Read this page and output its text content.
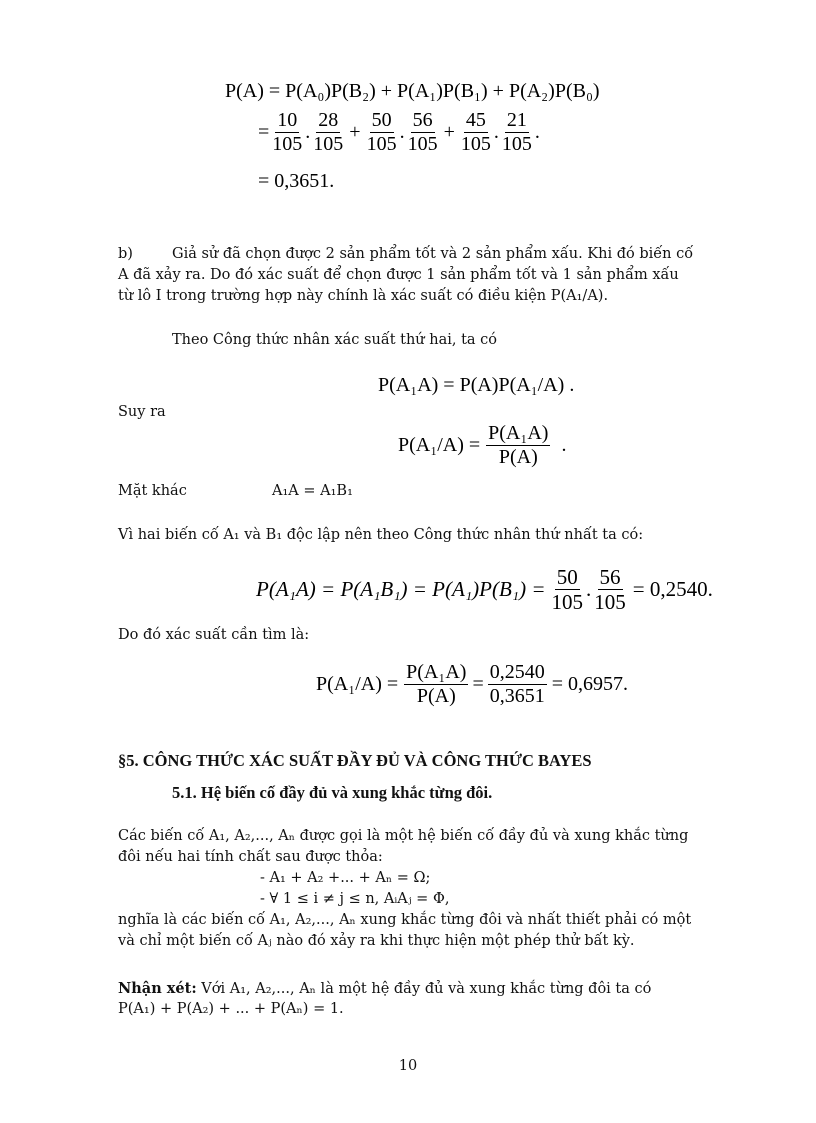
P(A) = P(A₀)P(B₂) + P(A₁)P(B₁) + P(A₂)P(B₀)
= $\frac{10}{105}$ . $\frac{28}{105} + \frac{50}{105}$ . $\frac{56}{105} + \frac{45}{105}$ . $\frac{21}{105}$ .
= 0,3651.
b)	Giả sử đã chọn được 2 sản phẩm tốt và 2 sản phẩm xấu. Khi đó biến cố
A đã xảy ra. Do đó xác suất để chọn được 1 sản phẩm tốt và 1 sản phẩm xấu
từ lô I trong trường hợp này chính là xác suất có điều kiện P(A₁/A).
Theo Công thức nhân xác suất thứ hai, ta có
P(A₁A) = P(A)P(A₁/A) .
Suy ra
$P(A_1/A) = \frac{\text{P(A₁A)}}{P(A)}$ .
Mặt khác	A₁A = A₁B₁
Vì hai biến cố A₁ và B₁ độc lập nên theo Công thức nhân thứ nhất ta có:
$P(A_1A) = P(A_1B_1) = P(A_1)P(B_1) = \frac{50}{105}$ . $\frac{56}{105} = 0,2540$.
Do đó xác suất cần tìm là:
$P(A_1/A) = \frac{\text{P(A₁A)}}{P(A)} = \frac{0,2540}{0,3651} = 0,6957$.
§5. CÔNG THỨC XÁC SUẤT ĐẦY ĐỦ VÀ CÔNG THỨC BAYES
5.1. Hệ biến cố đầy đủ và xung khắc từng đôi.
Các biến cố A₁, A₂,..., Aₙ được gọi là một hệ biến cố đầy đủ và xung khắc từng
đôi nếu hai tính chất sau được thỏa:
- A₁ + A₂ +... + Aₙ = Ω;
- ∀ 1 ≤ i ≠ j ≤ n, AᵢAⱼ = Φ,
nghĩa là các biến cố A₁, A₂,..., Aₙ xung khắc từng đôi và nhất thiết phải có một
và chỉ một biến cố Aⱼ nào đó xảy ra khi thực hiện một phép thử bất kỳ.
Nhận xét: Với A₁, A₂,..., Aₙ là một hệ đầy đủ và xung khắc từng đôi ta có
P(A₁) + P(A₂) + ... + P(Aₙ) = 1.
10
